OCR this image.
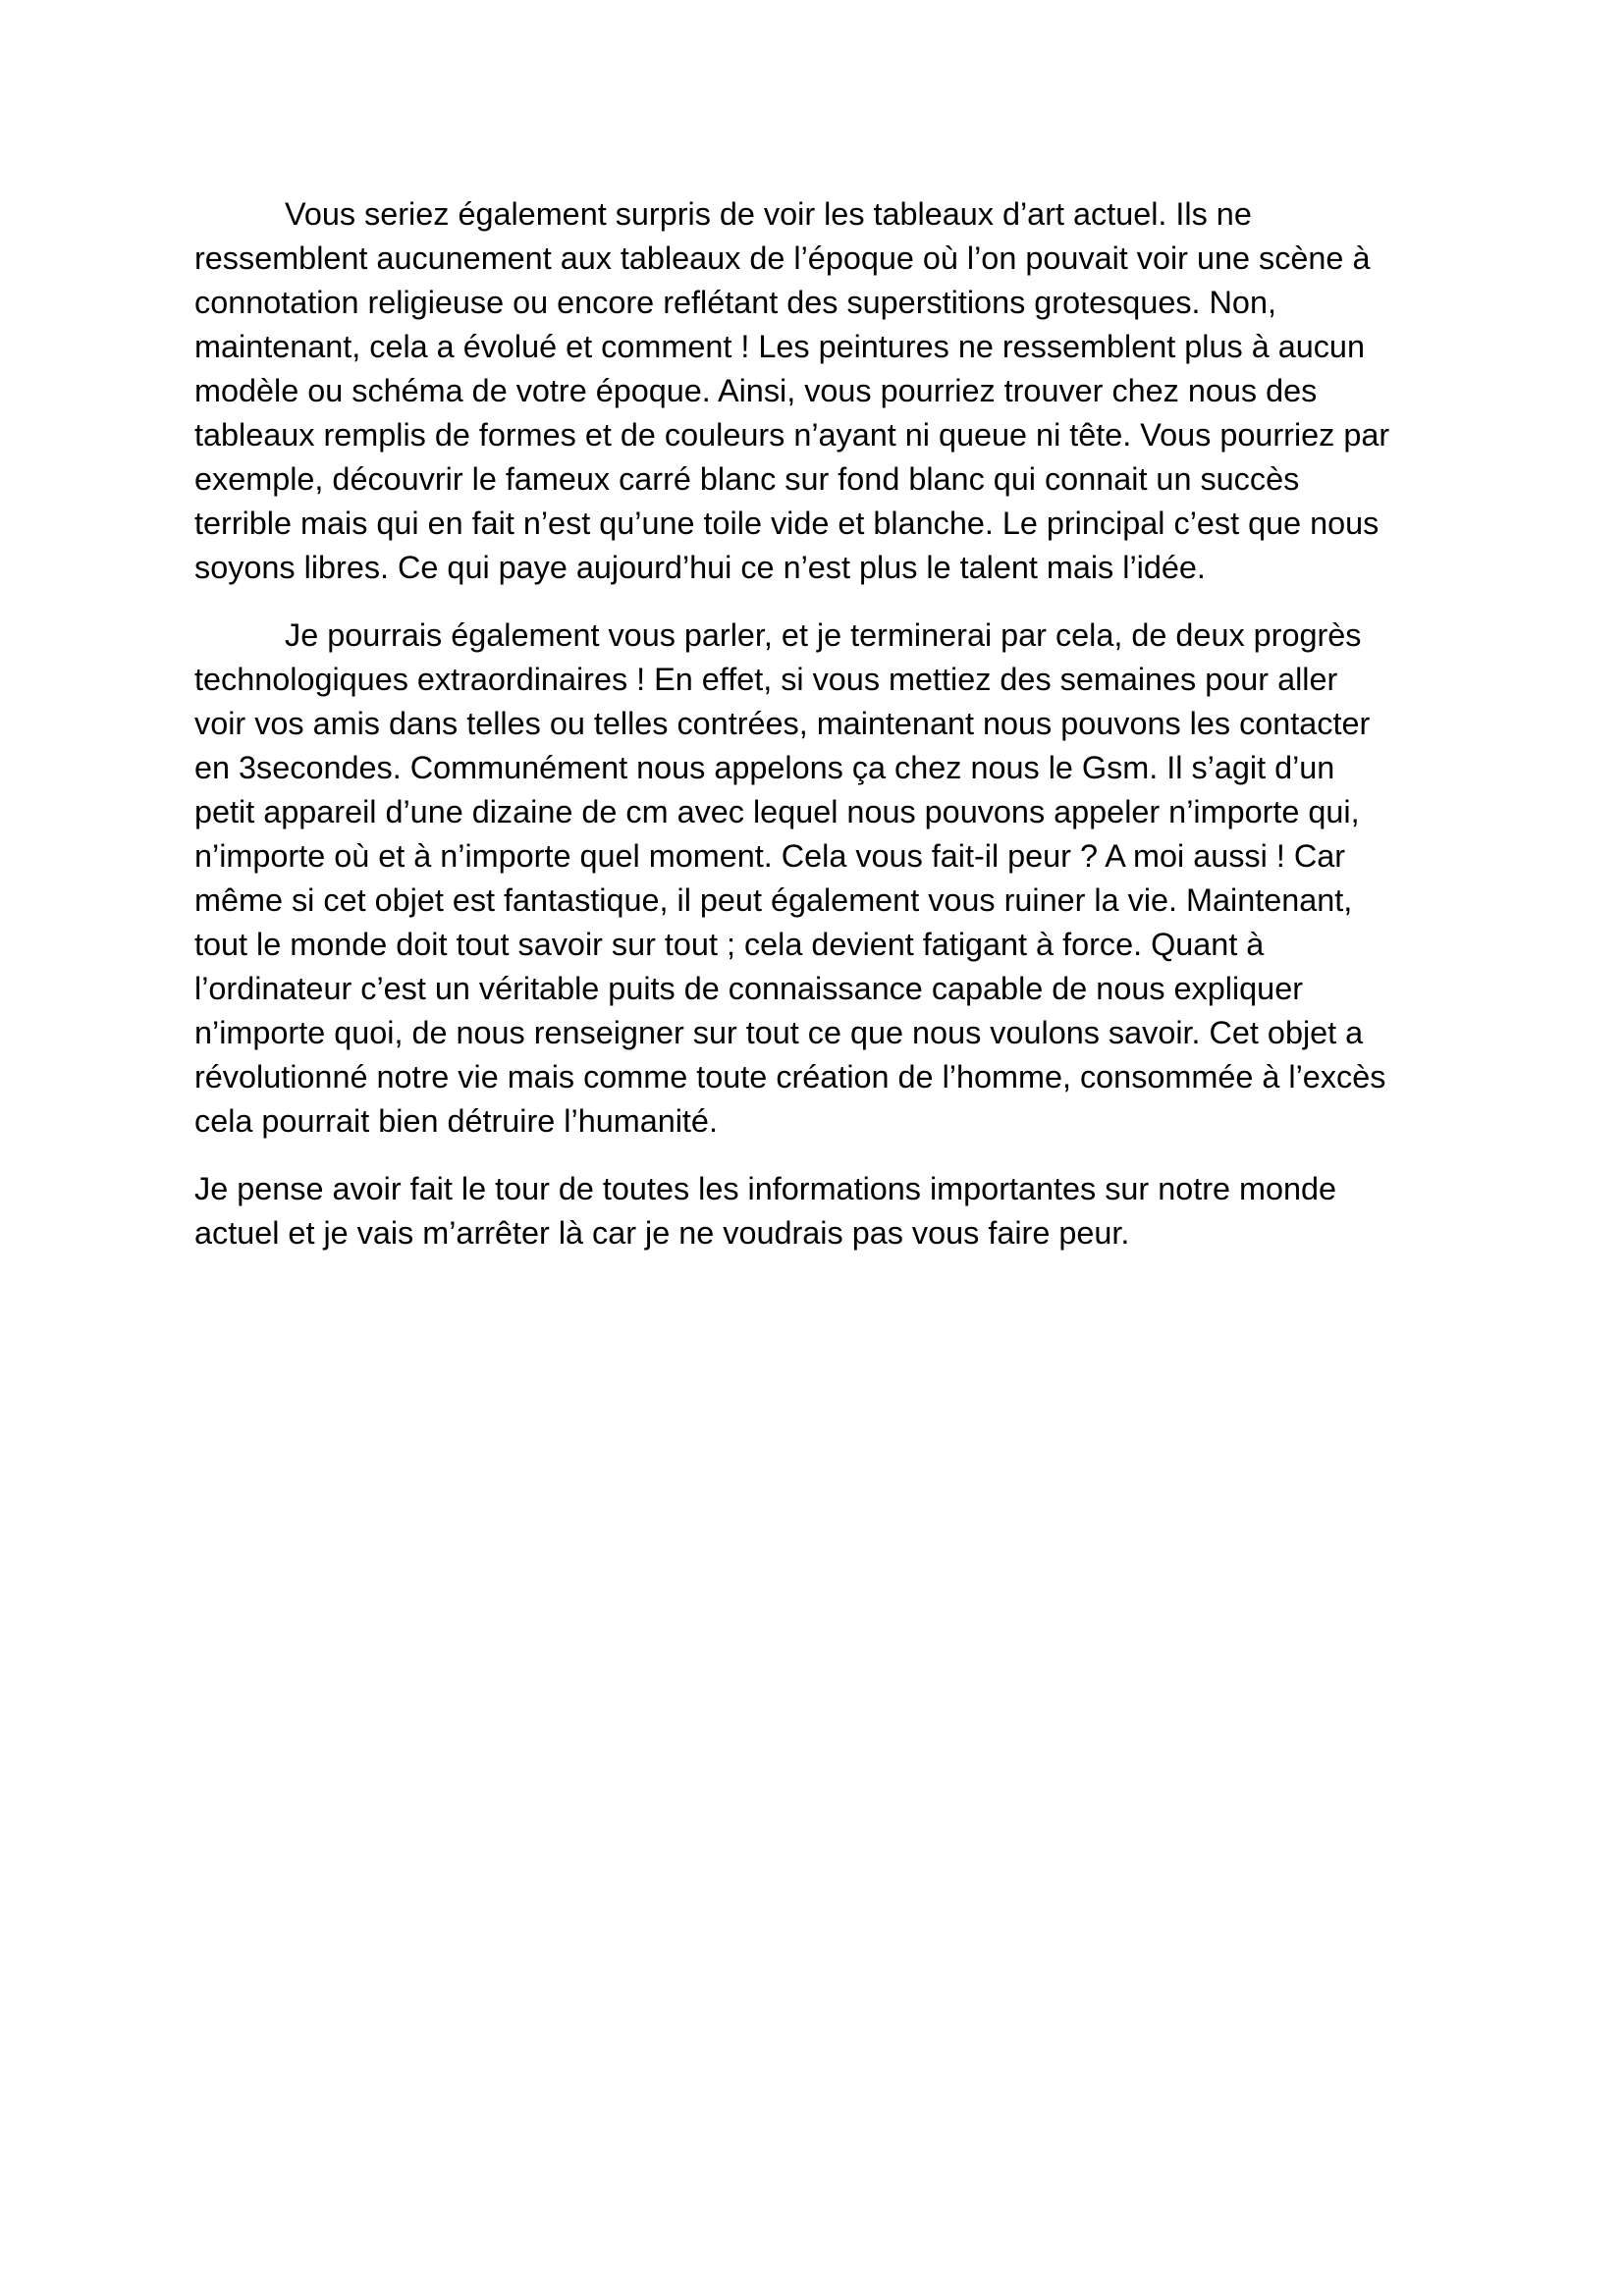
Vous seriez également surpris de voir les tableaux d’art actuel. Ils ne
ressemblent aucunement aux tableaux de l’époque où l’on pouvait voir une scène à
connotation religieuse ou encore reflétant des superstitions grotesques. Non,
maintenant, cela a évolué et comment ! Les peintures ne ressemblent plus à aucun
modèle ou schéma de votre époque. Ainsi, vous pourriez trouver chez nous des
tableaux remplis de formes et de couleurs n’ayant ni queue ni tête. Vous pourriez par
exemple, découvrir le fameux carré blanc sur fond blanc qui connait un succès
terrible mais qui en fait n’est qu’une toile vide et blanche. Le principal c’est que nous
soyons libres. Ce qui paye aujourd’hui ce n’est plus le talent mais l’idée.
Je pourrais également vous parler, et je terminerai par cela, de deux progrès
technologiques extraordinaires ! En effet, si vous mettiez des semaines pour aller
voir vos amis dans telles ou telles contrées, maintenant nous pouvons les contacter
en 3secondes. Communément nous appelons ça chez nous le Gsm. Il s’agit d’un
petit appareil d’une dizaine de cm avec lequel nous pouvons appeler n’importe qui,
n’importe où et à n’importe quel moment. Cela vous fait-il peur ? A moi aussi ! Car
même si cet objet est fantastique, il peut également vous ruiner la vie. Maintenant,
tout le monde doit tout savoir sur tout ; cela devient fatigant à force. Quant à
l’ordinateur c’est un véritable puits de connaissance capable de nous expliquer
n’importe quoi, de nous renseigner sur tout ce que nous voulons savoir. Cet objet a
révolutionné notre vie mais comme toute création de l’homme, consommée à l’excès
cela pourrait bien détruire l’humanité.
Je pense avoir fait le tour de toutes les informations importantes sur notre monde
actuel et je vais m’arrêter là car je ne voudrais pas vous faire peur.
